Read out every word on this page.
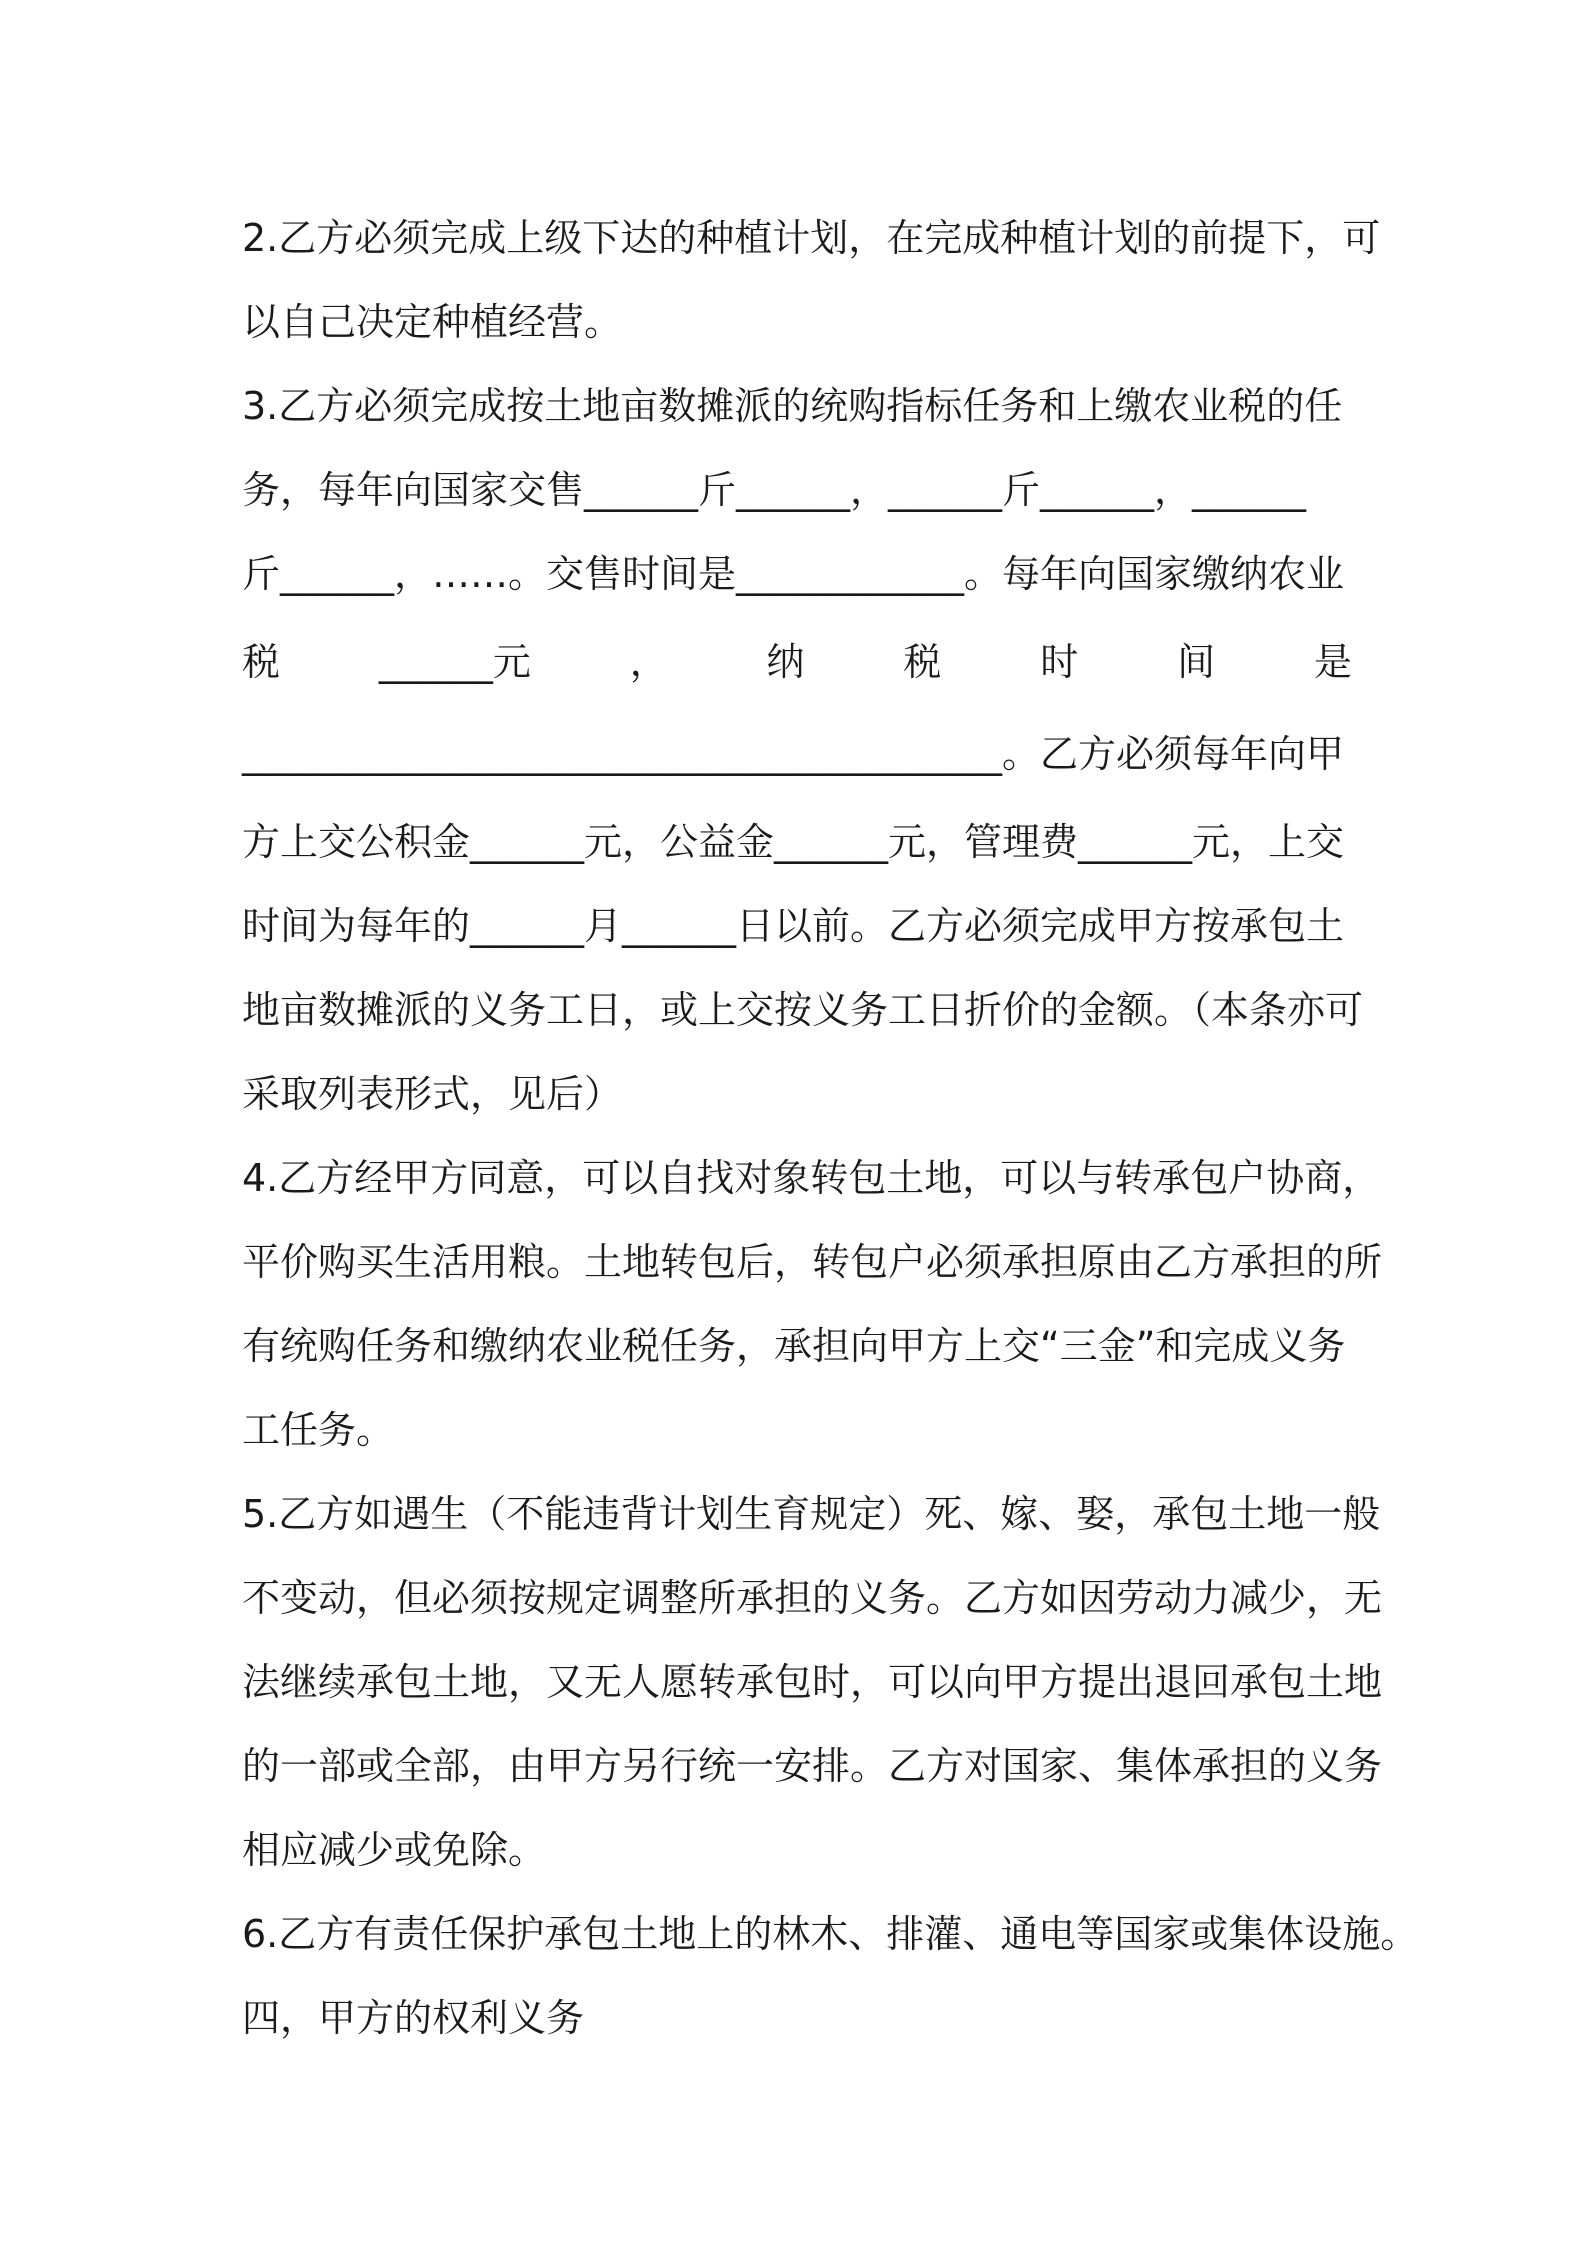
2.乙方必须完成上级下达的种植计划，在完成种植计划的前提下，可
以自己决定种植经营。
3.乙方必须完成按土地亩数摊派的统购指标任务和上缴农业税的任
务，每年向国家交售______斤______，______斤______，______
斤______，……。交售时间是____________。每年向国家缴纳农业
税	______元	，	纳	税	时	间	是
________________________________________。乙方必须每年向甲
方上交公积金______元，公益金______元，管理费______元，上交
时间为每年的______月______日以前。乙方必须完成甲方按承包土
地亩数摊派的义务工日，或上交按义务工日折价的金额。（本条亦可
采取列表形式，见后）
4.乙方经甲方同意，可以自找对象转包土地，可以与转承包户协商，
平价购买生活用粮。土地转包后，转包户必须承担原由乙方承担的所
有统购任务和缴纳农业税任务，承担向甲方上交“三金”和完成义务
工任务。
5.乙方如遇生（不能违背计划生育规定）死、嫁、娶，承包土地一般
不变动，但必须按规定调整所承担的义务。乙方如因劳动力减少，无
法继续承包土地，又无人愿转承包时，可以向甲方提出退回承包土地
的一部或全部，由甲方另行统一安排。乙方对国家、集体承担的义务
相应减少或免除。
6.乙方有责任保护承包土地上的林木、排灌、通电等国家或集体设施。
四，甲方的权利义务
